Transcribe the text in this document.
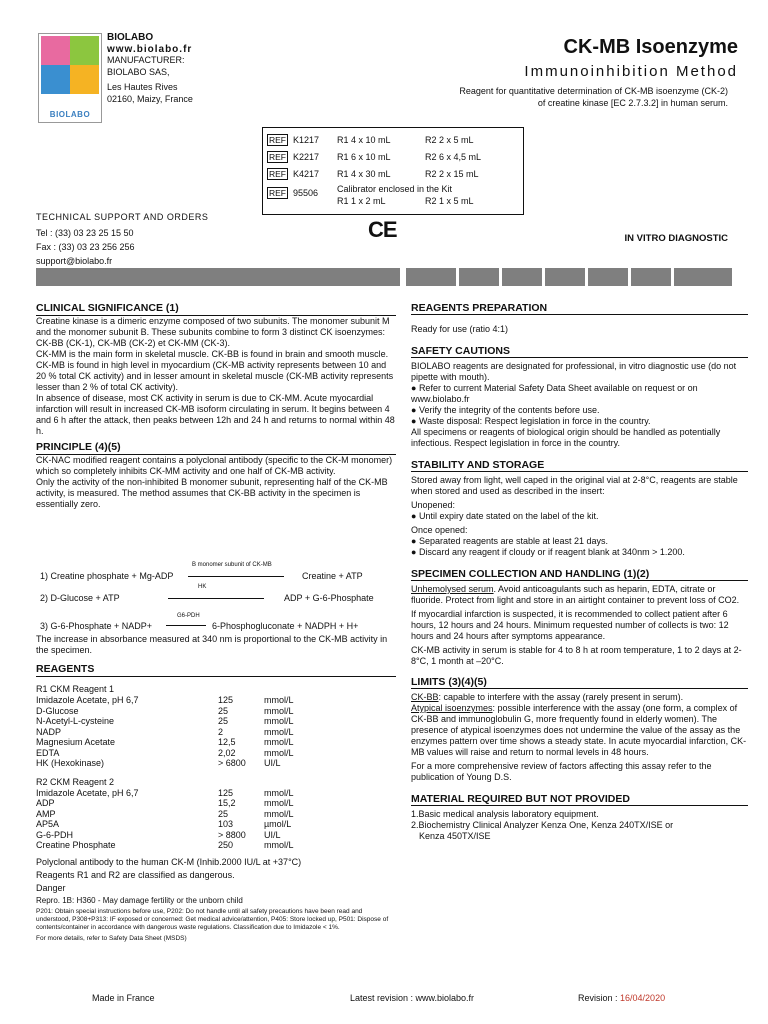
BIOLABO
BIOLABO
www.biolabo.fr
MANUFACTURER:
BIOLABO SAS,
Les Hautes Rives
02160, Maizy, France
CK-MB Isoenzyme
Immunoinhibition Method
Reagent for quantitative determination of CK-MB isoenzyme (CK-2)
of creatine kinase [EC 2.7.3.2] in human serum.
REF K1217 R1 4 x 10 mL	R2 2 x 5 mL
REF K2217 R1 6 x 10 mL	R2 6 x 4,5 mL
REF K4217 R1 4 x 30 mL	R2 2 x 15 mL
REF 95506 Calibrator enclosed in the Kit
R1 1 x 2 mL	R2 1 x 5 mL
CE	IN VITRO DIAGNOSTIC
TECHNICAL SUPPORT AND ORDERS
Tel : (33) 03 23 25 15 50
Fax : (33) 03 23 256 256
support@biolabo.fr
CLINICAL SIGNIFICANCE (1)

Creatine kinase is a dimeric enzyme composed of two subunits. The monomer subunit M and the monomer subunit B. These subunits combine to form 3 distinct CK isoenzymes: CK-BB (CK-1), CK-MB (CK-2) et CK-MM (CK-3).

CK-MM is the main form in skeletal muscle. CK-BB is found in brain and smooth muscle. CK-MB is found in high level in myocardium (CK-MB activity represents between 10 and 20 % total CK activity) and in lesser amount in skeletal muscle (CK-MB activity represents lesser than 2 % of total CK activity).

In absence of disease, most CK activity in serum is due to CK-MM. Acute myocardial infarction will result in increased CK-MB isoform circulating in serum. It begins between 4 and 6 h after the attack, then peaks between 12h and 24 h and returns to normal within 48 h.

PRINCIPLE (4)(5)

CK-NAC modified reagent contains a polyclonal antibody (specific to the CK-M monomer) which so completely inhibits CK-MM activity and one half of CK-MB activity.

Only the activity of the non-inhibited B monomer subunit, representing half of the CK-MB activity, is measured. The method assumes that CK-BB activity in the specimen is essentially zero.

1) Creatine phosphate + Mg-ADP
B monomer subunit of CK-MB
Creatine + ATP
2) D-Glucose + ATP
HK
ADP + G-6-Phosphate
3) G-6-Phosphate + NADP+
G6-PDH
6-Phosphogluconate + NADPH + H+

The increase in absorbance measured at 340 nm is proportional to the CK-MB activity in the specimen.

REAGENTS
R1 CKM Reagent 1
Imidazole Acetate, pH 6,7	125	mmol/L
D-Glucose	25	mmol/L
N-Acetyl-L-cysteine	25	mmol/L
NADP	2	mmol/L
Magnesium Acetate	12,5	mmol/L
EDTA	2,02	mmol/L
HK (Hexokinase)	> 6800 UI/L
R2 CKM Reagent 2
Imidazole Acetate, pH 6,7	125	mmol/L
ADP	15,2	mmol/L
AMP	25	mmol/L
AP5A	103	µmol/L
G-6-PDH	> 8800 UI/L
Creatine Phosphate	250	mmol/L
Polyclonal antibody to the human CK-M (Inhib.2000 IU/L at +37°C)
Reagents R1 and R2 are classified as dangerous.
Danger
Repro. 1B: H360 - May damage fertility or the unborn child
P201: Obtain special instructions before use, P202: Do not handle until all safety precautions have been read and understood, P308+P313: IF exposed or concerned: Get medical advice/attention, P405: Store locked up, P501: Dispose of contents/container in accordance with dangerous waste regulations. Classification due to Imidazole < 1%.
For more details, refer to Safety Data Sheet (MSDS)
REAGENTS PREPARATION

Ready for use (ratio 4:1)

SAFETY CAUTIONS

BIOLABO reagents are designated for professional, in vitro diagnostic use (do not pipette with mouth).

● Refer to current Material Safety Data Sheet available on request or on www.biolabo.fr

● Verify the integrity of the contents before use.

● Waste disposal: Respect legislation in force in the country.

All specimens or reagents of biological origin should be handled as potentially infectious. Respect legislation in force in the country.

STABILITY AND STORAGE

Stored away from light, well caped in the original vial at 2-8°C, reagents are stable when stored and used as described in the insert:

Unopened:

● Until expiry date stated on the label of the kit.

Once opened:

● Separated reagents are stable at least 21 days.

● Discard any reagent if cloudy or if reagent blank at 340nm > 1.200.

SPECIMEN COLLECTION AND HANDLING (1)(2)

Unhemolysed serum. Avoid anticoagulants such as heparin, EDTA, citrate or fluoride. Protect from light and store in an airtight container to prevent loss of CO2.

If myocardial infarction is suspected, it is recommended to collect patient after 6 hours, 12 hours and 24 hours. Minimum requested number of collects is two: 12 hours and 24 hours after symptoms appearance.

CK-MB activity in serum is stable for 4 to 8 h at room temperature, 1 to 2 days at 2-8°C, 1 month at –20°C.

LIMITS (3)(4)(5)

CK-BB: capable to interfere with the assay (rarely present in serum).

Atypical isoenzymes: possible interference with the assay (one form, a complex of CK-BB and immunoglobulin G, more frequently found in elderly women). The presence of atypical isoenzymes does not undermine the value of the assay as the enzymes pattern over time shows a steady state. In acute myocardial infarction, CK-MB values will raise and return to normal levels in 48 hours.

For a more comprehensive review of factors affecting this assay refer to the publication of Young D.S.

MATERIAL REQUIRED BUT NOT PROVIDED

1.Basic medical analysis laboratory equipment.

2.Biochemistry Clinical Analyzer Kenza One, Kenza 240TX/ISE or

Kenza 450TX/ISE

Made in France	Latest revision : www.biolabo.fr	Revision : 16/04/2020
